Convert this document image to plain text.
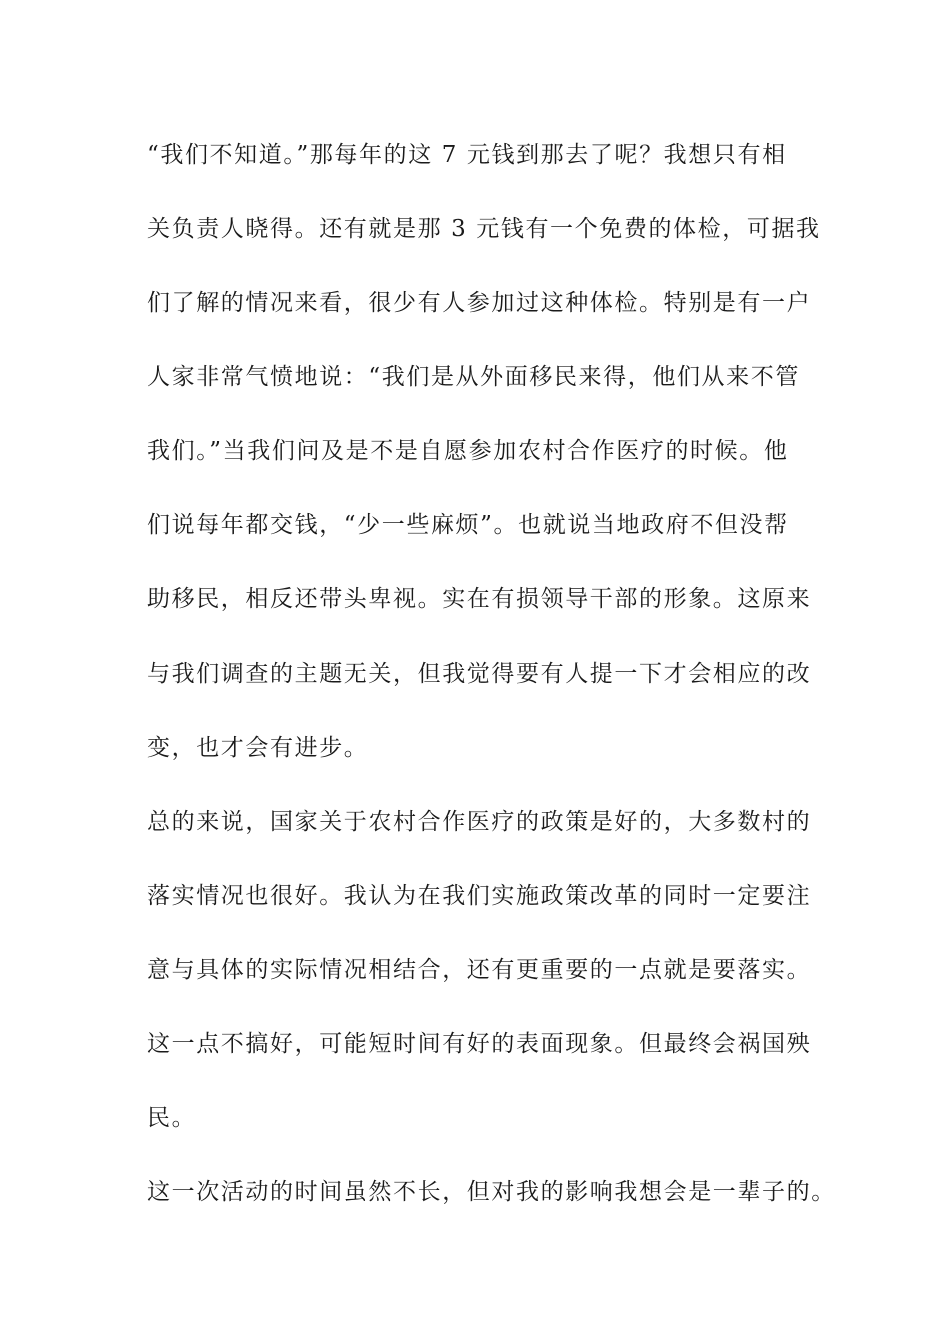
“我们不知道。”那每年的这 7 元钱到那去了呢？我想只有相
关负责人晓得。还有就是那 3 元钱有一个免费的体检，可据我
们了解的情况来看，很少有人参加过这种体检。特别是有一户
人家非常气愤地说：“我们是从外面移民来得，他们从来不管
我们。”当我们问及是不是自愿参加农村合作医疗的时候。他
们说每年都交钱，“少一些麻烦”。也就说当地政府不但没帮
助移民，相反还带头卑视。实在有损领导干部的形象。这原来
与我们调查的主题无关，但我觉得要有人提一下才会相应的改
变，也才会有进步。
总的来说，国家关于农村合作医疗的政策是好的，大多数村的
落实情况也很好。我认为在我们实施政策改革的同时一定要注
意与具体的实际情况相结合，还有更重要的一点就是要落实。
这一点不搞好，可能短时间有好的表面现象。但最终会祸国殃
民。
这一次活动的时间虽然不长，但对我的影响我想会是一辈子的。
